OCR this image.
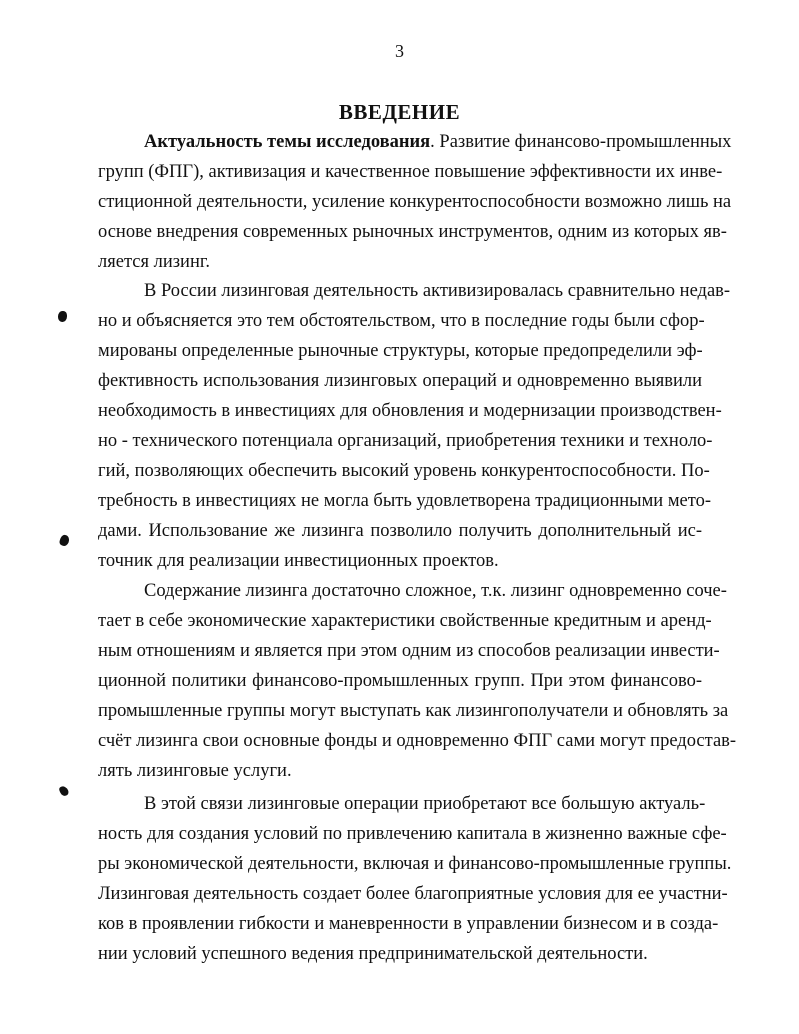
3
ВВЕДЕНИЕ
Актуальность темы исследования. Развитие финансово-промышленных
групп (ФПГ), активизация и качественное повышение эффективности их инве-
стиционной деятельности, усиление конкурентоспособности возможно лишь на
основе внедрения современных рыночных инструментов, одним из которых яв-
ляется лизинг.
В России лизинговая деятельность активизировалась сравнительно недав-
но и объясняется это тем обстоятельством, что в последние годы были сфор-
мированы определенные рыночные структуры, которые предопределили эф-
фективность использования лизинговых операций и одновременно выявили
необходимость в инвестициях для обновления и модернизации производствен-
но - технического потенциала организаций, приобретения техники и техноло-
гий, позволяющих обеспечить высокий уровень конкурентоспособности. По-
требность в инвестициях не могла быть удовлетворена традиционными мето-
дами. Использование же лизинга позволило получить дополнительный ис-
точник для реализации инвестиционных проектов.
Содержание лизинга достаточно сложное, т.к. лизинг одновременно соче-
тает в себе экономические характеристики свойственные кредитным и аренд-
ным отношениям и является при этом одним из способов реализации инвести-
ционной политики финансово-промышленных групп. При этом финансово-
промышленные группы могут выступать как лизингополучатели и обновлять за
счёт лизинга свои основные фонды и одновременно ФПГ сами могут предостав-
лять лизинговые услуги.
В этой связи лизинговые операции приобретают все большую актуаль-
ность для создания условий по привлечению капитала в жизненно важные сфе-
ры экономической деятельности, включая и финансово-промышленные группы.
Лизинговая деятельность создает более благоприятные условия для ее участни-
ков в проявлении гибкости и маневренности в управлении бизнесом и в созда-
нии условий успешного ведения предпринимательской деятельности.
